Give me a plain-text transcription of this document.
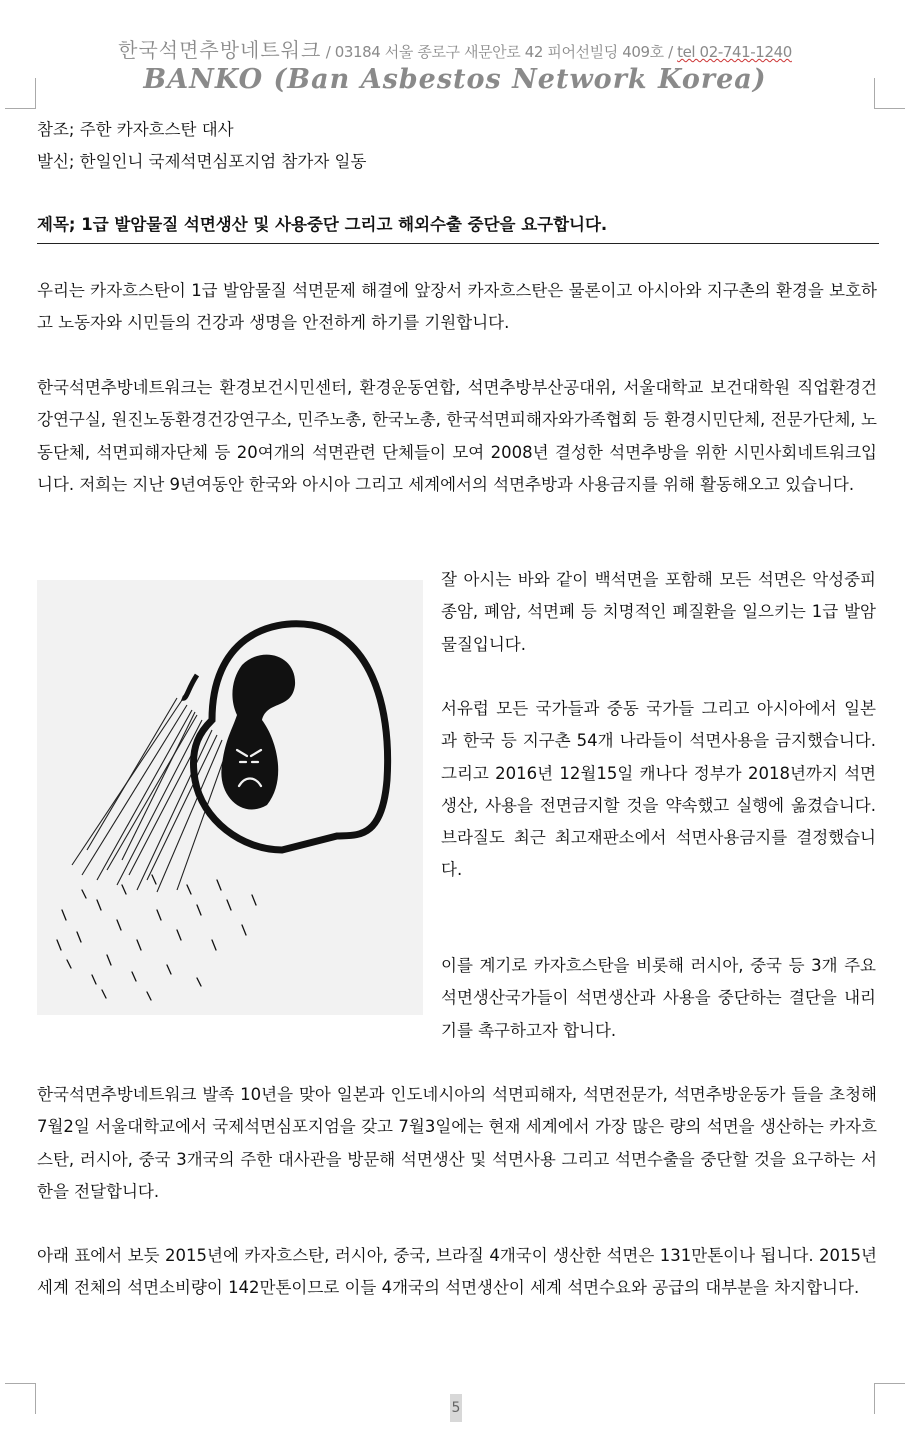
한국석면추방네트워크 / 03184 서울 종로구 새문안로 42 피어선빌딩 409호 / tel 02-741-1240
BANKO (Ban Asbestos Network Korea)
참조; 주한 카자흐스탄 대사
발신; 한일인니 국제석면심포지엄 참가자 일동
제목; 1급 발암물질 석면생산 및 사용중단 그리고 해외수출 중단을 요구합니다.

우리는 카자흐스탄이 1급 발암물질 석면문제 해결에 앞장서 카자흐스탄은 물론이고 아시아와 지구촌의 환경을 보호하고 노동자와 시민들의 건강과 생명을 안전하게 하기를 기원합니다.

한국석면추방네트워크는 환경보건시민센터, 환경운동연합, 석면추방부산공대위, 서울대학교 보건대학원 직업환경건강연구실, 원진노동환경건강연구소, 민주노총, 한국노총, 한국석면피해자와가족협회 등 환경시민단체, 전문가단체, 노동단체, 석면피해자단체 등 20여개의 석면관련 단체들이 모여 2008년 결성한 석면추방을 위한 시민사회네트워크입니다. 저희는 지난 9년여동안 한국와 아시아 그리고 세계에서의 석면추방과 사용금지를 위해 활동해오고 있습니다.

잘 아시는 바와 같이 백석면을 포함해 모든 석면은 악성중피종암, 폐암, 석면폐 등 치명적인 폐질환을 일으키는 1급 발암물질입니다.

서유럽 모든 국가들과 중동 국가들 그리고 아시아에서 일본과 한국 등 지구촌 54개 나라들이 석면사용을 금지했습니다. 그리고 2016년 12월15일 캐나다 정부가 2018년까지 석면생산, 사용을 전면금지할 것을 약속했고 실행에 옮겼습니다. 브라질도 최근 최고재판소에서 석면사용금지를 결정했습니다.

이를 계기로 카자흐스탄을 비롯해 러시아, 중국 등 3개 주요 석면생산국가들이 석면생산과 사용을 중단하는 결단을 내리기를 촉구하고자 합니다.

한국석면추방네트워크 발족 10년을 맞아 일본과 인도네시아의 석면피해자, 석면전문가, 석면추방운동가 들을 초청해 7월2일 서울대학교에서 국제석면심포지엄을 갖고 7월3일에는 현재 세계에서 가장 많은 량의 석면을 생산하는 카자흐스탄, 러시아, 중국 3개국의 주한 대사관을 방문해 석면생산 및 석면사용 그리고 석면수출을 중단할 것을 요구하는 서한을 전달합니다.

아래 표에서 보듯 2015년에 카자흐스탄, 러시아, 중국, 브라질 4개국이 생산한 석면은 131만톤이나 됩니다. 2015년 세계 전체의 석면소비량이 142만톤이므로 이들 4개국의 석면생산이 세계 석면수요와 공급의 대부분을 차지합니다.

5
